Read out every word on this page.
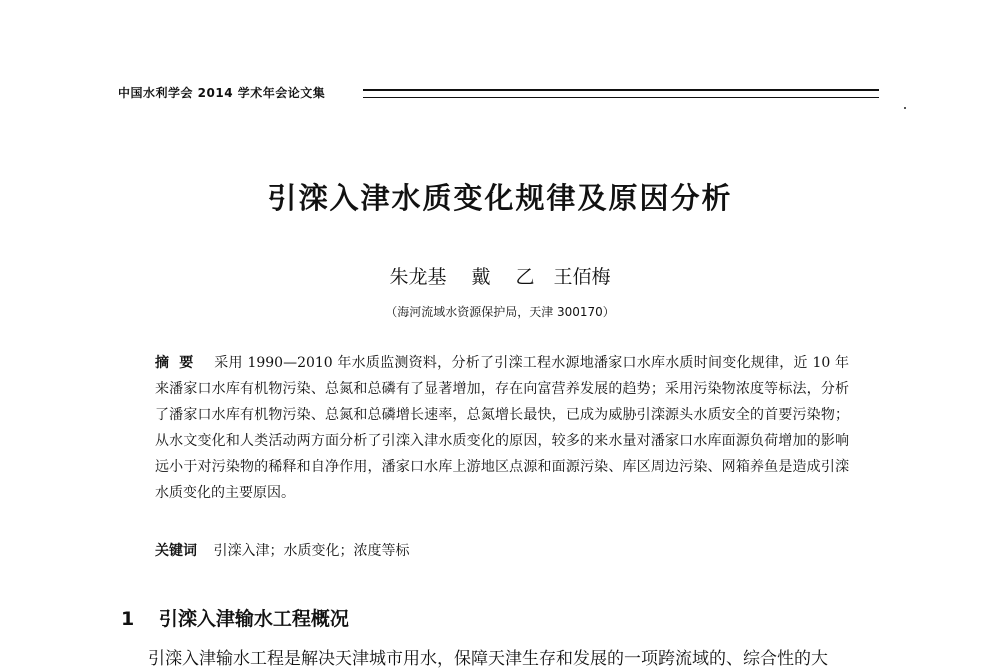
中国水利学会 2014 学术年会论文集
引滦入津水质变化规律及原因分析
朱龙基　 戴　 乙　王佰梅
（海河流域水资源保护局，天津 300170）
摘要 采用 1990—2010 年水质监测资料，分析了引滦工程水源地潘家口水库水质时间变化规律，近 10 年来潘家口水库有机物污染、总氮和总磷有了显著增加，存在向富营养发展的趋势；采用污染物浓度等标法，分析了潘家口水库有机物污染、总氮和总磷增长速率，总氮增长最快，已成为威胁引滦源头水质安全的首要污染物；从水文变化和人类活动两方面分析了引滦入津水质变化的原因，较多的来水量对潘家口水库面源负荷增加的影响远小于对污染物的稀释和自净作用，潘家口水库上游地区点源和面源污染、库区周边污染、网箱养鱼是造成引滦水质变化的主要原因。
关键词 引滦入津；水质变化；浓度等标
1 引滦入津输水工程概况
引滦入津输水工程是解决天津城市用水，保障天津生存和发展的一项跨流域的、综合性的大
